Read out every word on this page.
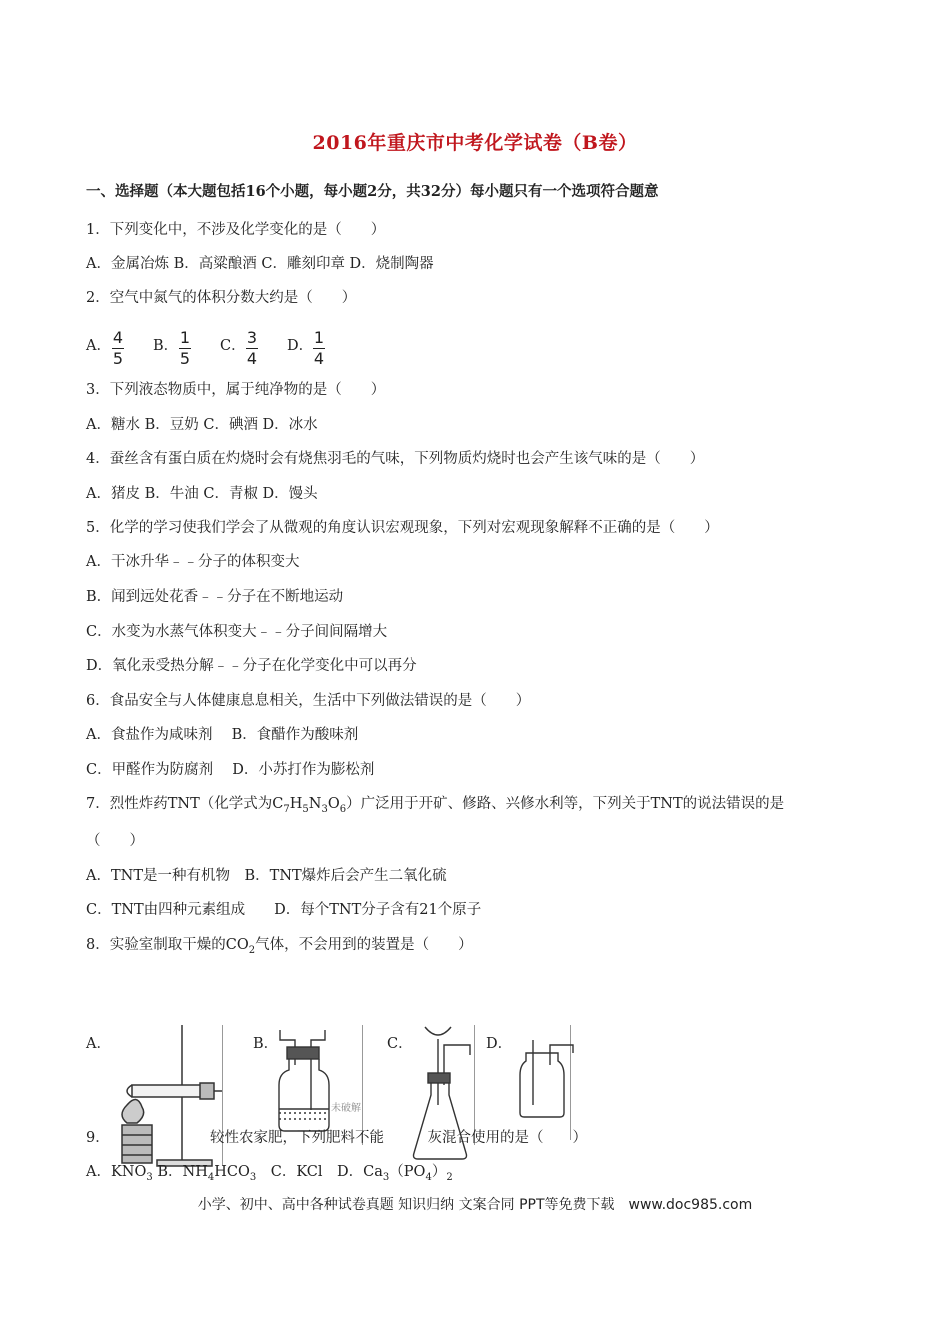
2016年重庆市中考化学试卷（B卷）
一、选择题（本大题包括16个小题，每小题2分，共32分）每小题只有一个选项符合题意
1．下列变化中，不涉及化学变化的是（　　）
A．金属冶炼 B．高粱酿酒 C．雕刻印章 D．烧制陶器
2．空气中氮气的体积分数大约是（　　）
A． $\frac{4}{5}$ B． $\frac{1}{5}$ C． $\frac{3}{4}$ D． $\frac{1}{4}$
3．下列液态物质中，属于纯净物的是（　　）
A．糖水 B．豆奶 C．碘酒 D．冰水
4．蚕丝含有蛋白质在灼烧时会有烧焦羽毛的气味，下列物质灼烧时也会产生该气味的是（　　）
A．猪皮 B．牛油 C．青椒 D．馒头
5．化学的学习使我们学会了从微观的角度认识宏观现象，下列对宏观现象解释不正确的是（　　）
A．干冰升华﹣﹣分子的体积变大
B．闻到远处花香﹣﹣分子在不断地运动
C．水变为水蒸气体积变大﹣﹣分子间间隔增大
D．氧化汞受热分解﹣﹣分子在化学变化中可以再分
6．食品安全与人体健康息息相关，生活中下列做法错误的是（　　）
A．食盐作为咸味剂　 B．食醋作为酸味剂
C．甲醛作为防腐剂　 D．小苏打作为膨松剂
7．烈性炸药TNT（化学式为$C_7H_5N_3O_6$）广泛用于开矿、修路、兴修水利等，下列关于TNT的说法错误的是
（　　）
A．TNT是一种有机物　B．TNT爆炸后会产生二氧化硫
C．TNT由四种元素组成　　D．每个TNT分子含有21个原子
8．实验室制取干燥的$CO_2$气体，不会用到的装置是（　　）
A．	B．	C．	D．
未破解
9．	较性农家肥，下列肥料不能　　　灰混合使用的是（　　）
A．$KNO_3$ B．$NH_4HCO_3$　C．KCl　D．$Ca_3(PO_4)_2$
小学、初中、高中各种试卷真题 知识归纳 文案合同 PPT等免费下载　www.doc985.com
